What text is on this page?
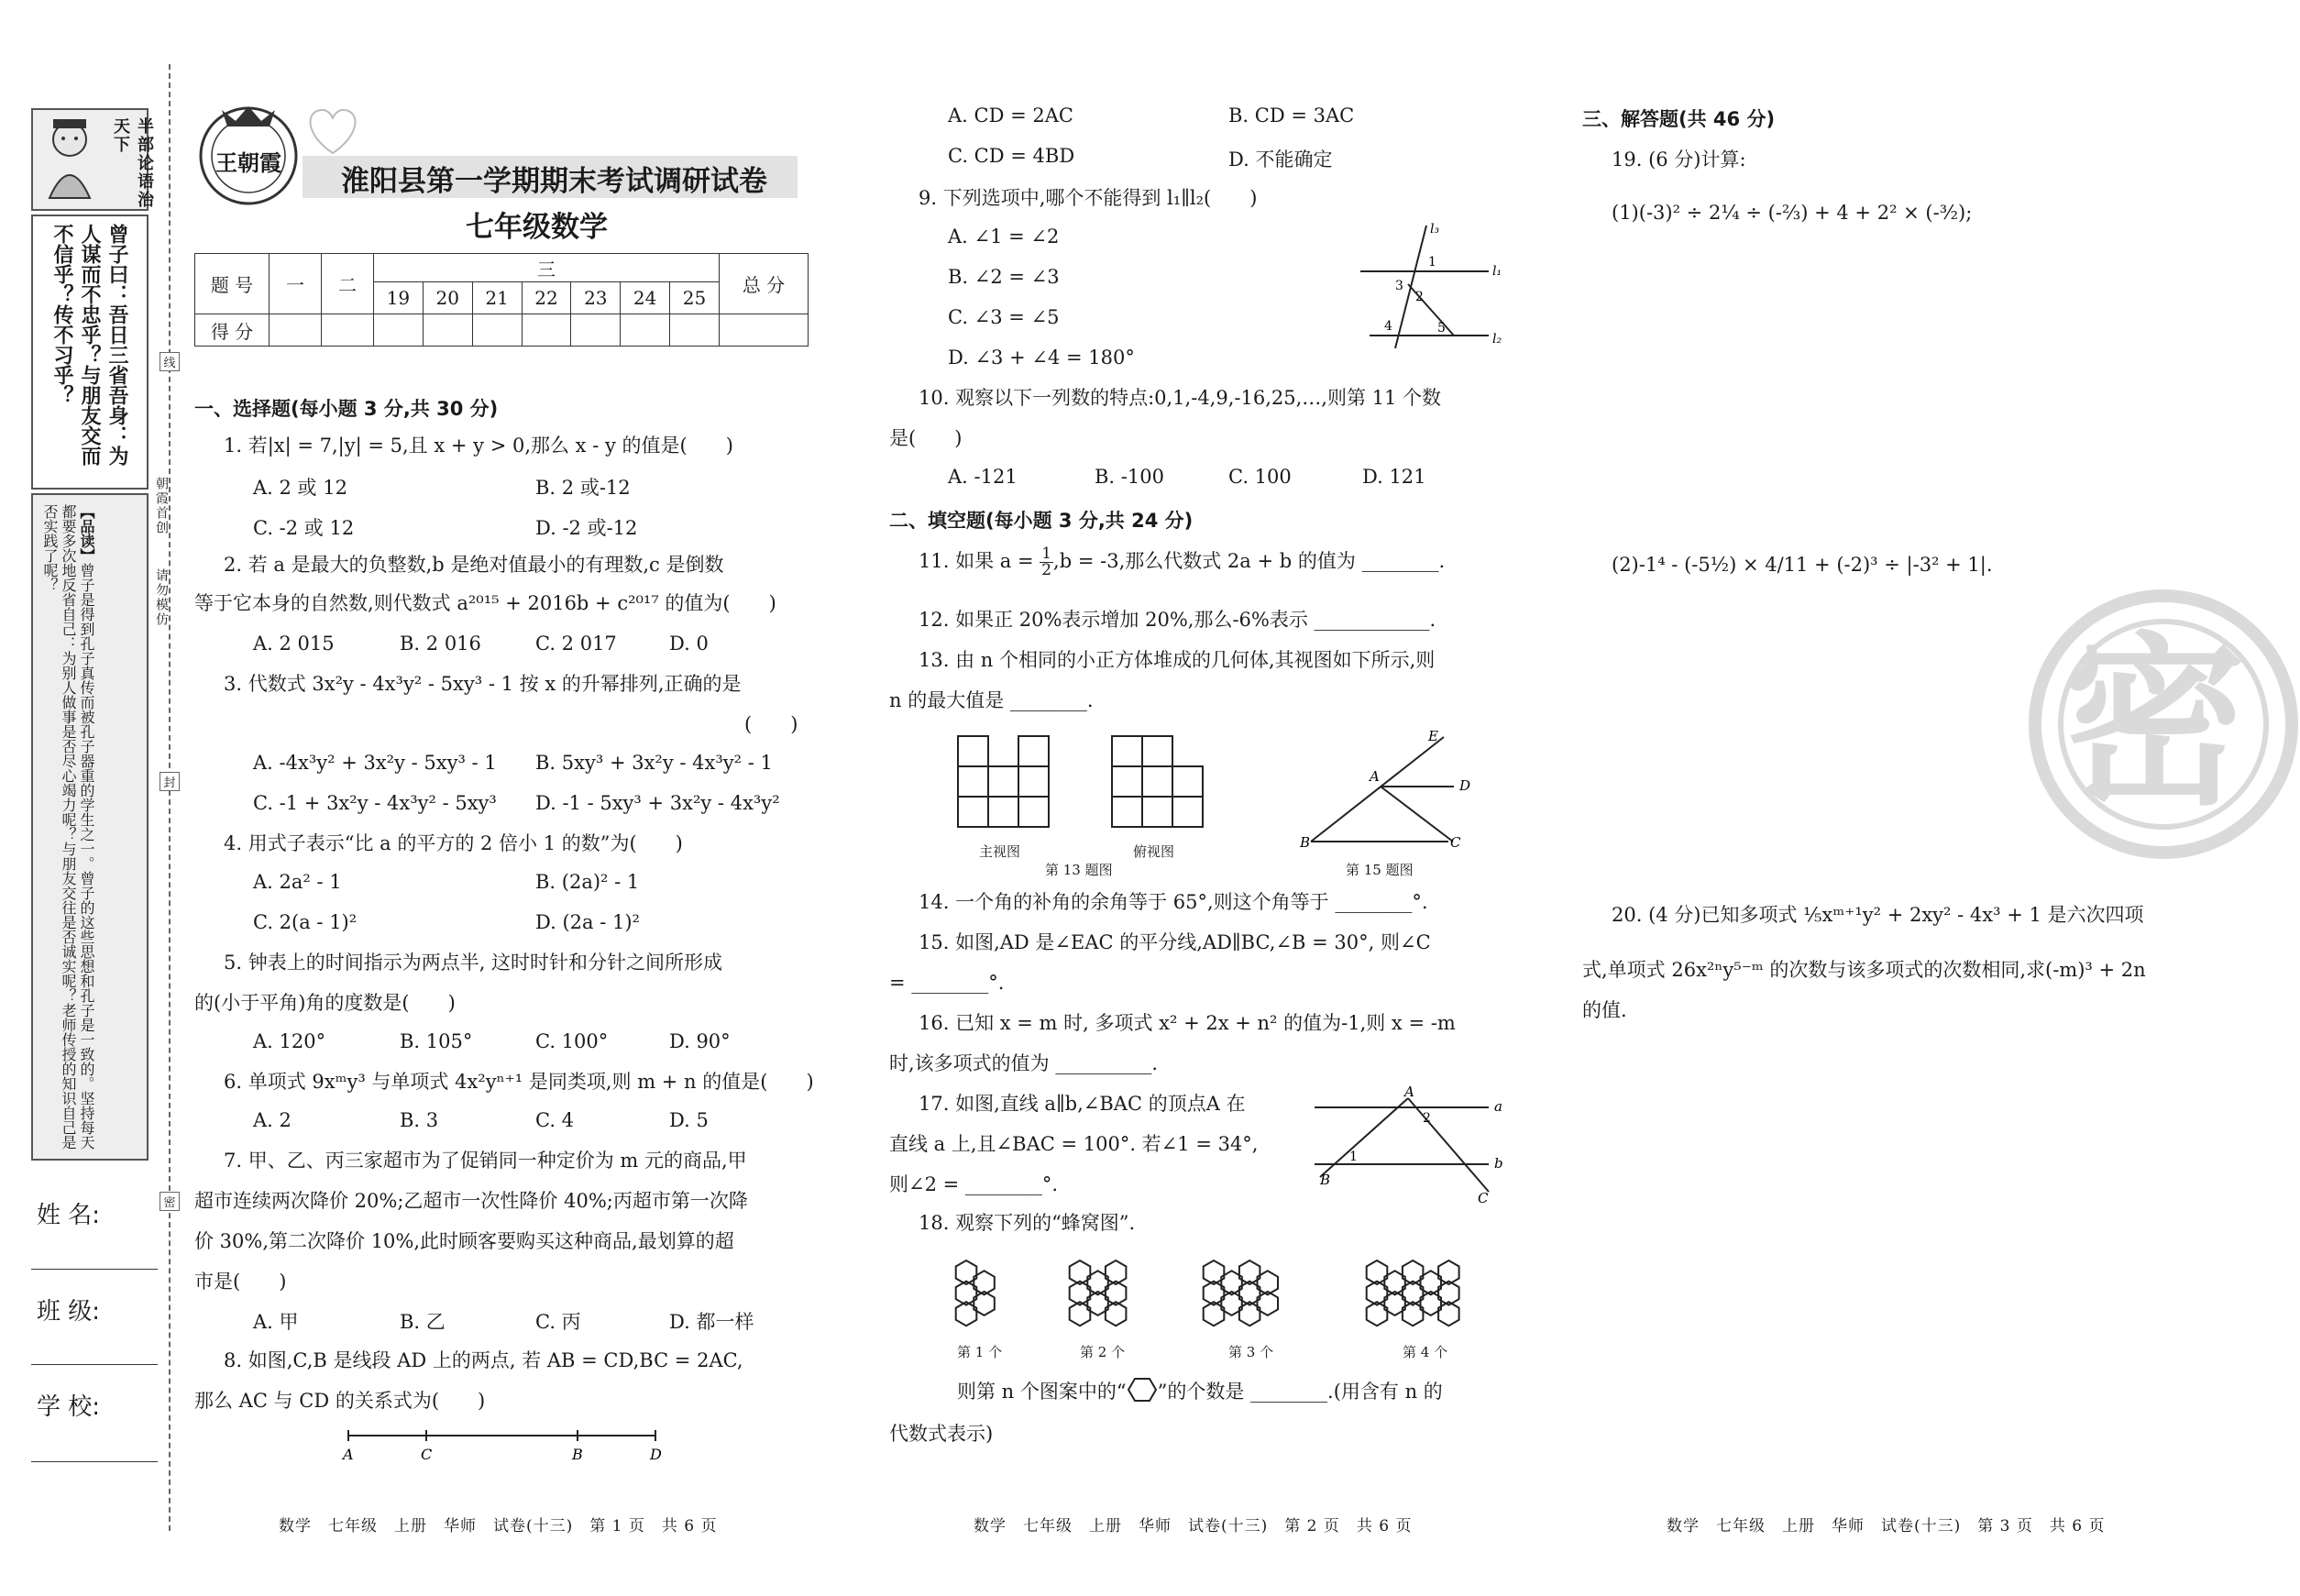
半部论语治天下
曾子曰：吾日三省吾身：为人谋而不忠乎？与朋友交而不信乎？传不习乎？
【品读】曾子是得到孔子真传而被孔子器重的学生之一。曾子的这些思想和孔子是一致的。坚持每天都要多次地反省自己：为别人做事是否尽心竭力呢？与朋友交往是否诚实呢？老师传授的知识自己是否实践了呢？
姓 名:
班 级:
学 校:
线
封
密
朝霞首创
请勿模仿
王朝霞
淮阳县第一学期期末考试调研试卷
七年级数学
题 号	一	二	三							总 分
			19	20	21	22	23	24	25	
得 分										
一、选择题(每小题 3 分,共 30 分)
1. 若|x| = 7,|y| = 5,且 x + y > 0,那么 x - y 的值是(　　)
A. 2 或 12	B. 2 或-12
C. -2 或 12	D. -2 或-12
2. 若 a 是最大的负整数,b 是绝对值最小的有理数,c 是倒数
等于它本身的自然数,则代数式 a²⁰¹⁵ + 2016b + c²⁰¹⁷ 的值为(　　)
A. 2 015	B. 2 016	C. 2 017	D. 0
3. 代数式 3x²y - 4x³y² - 5xy³ - 1 按 x 的升幂排列,正确的是
(　　)
A. -4x³y² + 3x²y - 5xy³ - 1 B. 5xy³ + 3x²y - 4x³y² - 1
C. -1 + 3x²y - 4x³y² - 5xy³ D. -1 - 5xy³ + 3x²y - 4x³y²
4. 用式子表示“比 a 的平方的 2 倍小 1 的数”为(　　)
A. 2a² - 1	B. (2a)² - 1
C. 2(a - 1)²	D. (2a - 1)²
5. 钟表上的时间指示为两点半, 这时时针和分针之间所形成
的(小于平角)角的度数是(　　)
A. 120°	B. 105°	C. 100°	D. 90°
6. 单项式 9xᵐy³ 与单项式 4x²yⁿ⁺¹ 是同类项,则 m + n 的值是(　　)
A. 2	B. 3	C. 4	D. 5
7. 甲、乙、丙三家超市为了促销同一种定价为 m 元的商品,甲
超市连续两次降价 20%;乙超市一次性降价 40%;丙超市第一次降
价 30%,第二次降价 10%,此时顾客要购买这种商品,最划算的超
市是(　　)
A. 甲	B. 乙	C. 丙	D. 都一样
8. 如图,C,B 是线段 AD 上的两点, 若 AB = CD,BC = 2AC,
那么 AC 与 CD 的关系式为(　　)
A	C	B	D
数学　七年级　上册　华师　试卷(十三)　第 1 页　共 6 页
A. CD = 2AC	B. CD = 3AC
C. CD = 4BD	D. 不能确定
9. 下列选项中,哪个不能得到 l₁∥l₂(　　)
A. ∠1 = ∠2
B. ∠2 = ∠3
C. ∠3 = ∠5
D. ∠3 + ∠4 = 180°
l₃
1
l₁
3
2
4	5
l₂
10. 观察以下一列数的特点:0,1,-4,9,-16,25,…,则第 11 个数
是(　　)
A. -121	B. -100	C. 100	D. 121
二、填空题(每小题 3 分,共 24 分)
11. 如果 $a = \frac{1}{2} ,b = -3$,那么代数式 2a + b 的值为 ________.
12. 如果正 20%表示增加 20%,那么-6%表示 ____________.
13. 由 n 个相同的小正方体堆成的几何体,其视图如下所示,则
n 的最大值是 ________.
主视图	俯视图
第 13 题图
E
A
D
B	C
第 15 题图
14. 一个角的补角的余角等于 65°,则这个角等于 ________°.
15. 如图,AD 是∠EAC 的平分线,AD∥BC,∠B = 30°, 则∠C
= ________°.
16. 已知 x = m 时, 多项式 x² + 2x + n² 的值为-1,则 x = -m
时,该多项式的值为 __________.
17. 如图,直线 a∥b,∠BAC 的顶点A 在
直线 a 上,且∠BAC = 100°. 若∠1 = 34°,
则∠2 = ________°.
A
a
2
1
B
b
C
18. 观察下列的“蜂窝图”.
第 1 个	第 2 个	第 3 个	第 4 个
则第 n 个图案中的“ ”的个数是 ________.(用含有 n 的
代数式表示)
数学　七年级　上册　华师　试卷(十三)　第 2 页　共 6 页
三、解答题(共 46 分)
19. (6 分)计算:
(1)(-3)² ÷ 2¼ ÷ (-⅔) + 4 + 2² × (-³⁄₂);
(2)-1⁴ - (-5½) × 4/11 + (-2)³ ÷ |-3² + 1|.
密
20. (4 分)已知多项式 ⅕xᵐ⁺¹y² + 2xy² - 4x³ + 1 是六次四项
式,单项式 26x²ⁿy⁵⁻ᵐ 的次数与该多项式的次数相同,求(-m)³ + 2n
的值.
数学　七年级　上册　华师　试卷(十三)　第 3 页　共 6 页
